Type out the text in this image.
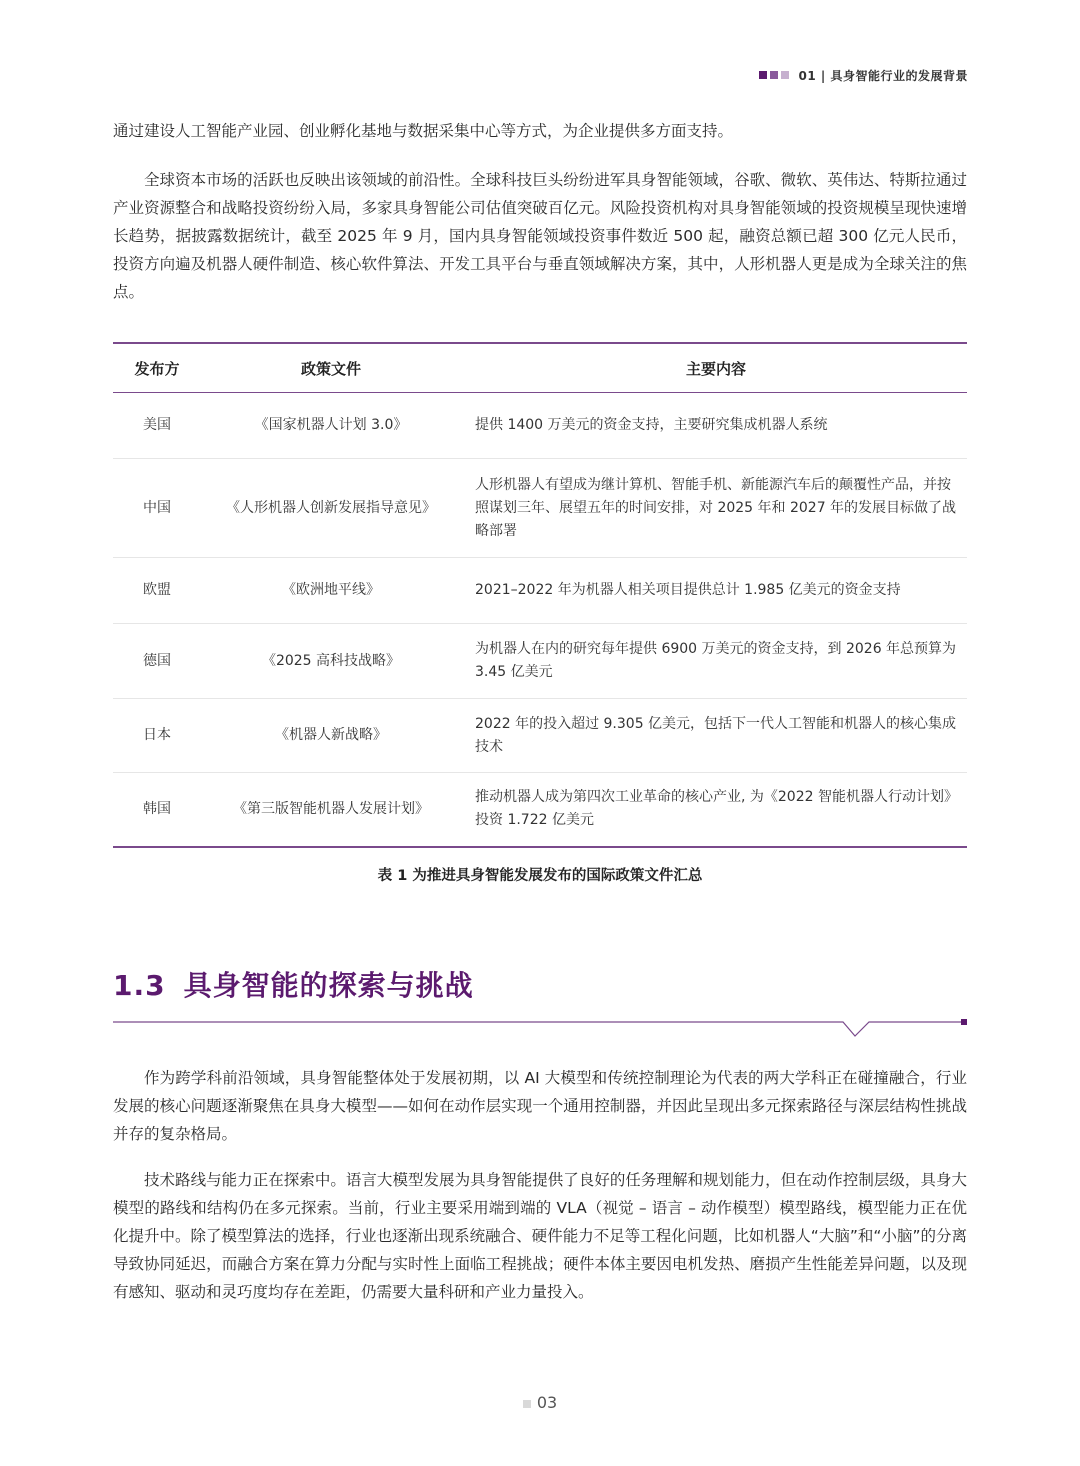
01 | 具身智能行业的发展背景

通过建设人工智能产业园、创业孵化基地与数据采集中心等方式，为企业提供多方面支持。

全球资本市场的活跃也反映出该领域的前沿性。全球科技巨头纷纷进军具身智能领域，谷歌、微软、英伟达、特斯拉通过产业资源整合和战略投资纷纷入局，多家具身智能公司估值突破百亿元。风险投资机构对具身智能领域的投资规模呈现快速增长趋势，据披露数据统计，截至 2025 年 9 月，国内具身智能领域投资事件数近 500 起，融资总额已超 300 亿元人民币，投资方向遍及机器人硬件制造、核心软件算法、开发工具平台与垂直领域解决方案，其中，人形机器人更是成为全球关注的焦点。

发布方	政策文件	主要内容
美国	《国家机器人计划 3.0》	提供 1400 万美元的资金支持，主要研究集成机器人系统
中国	《人形机器人创新发展指导意见》	人形机器人有望成为继计算机、智能手机、新能源汽车后的颠覆性产品，并按照谋划三年、展望五年的时间安排，对 2025 年和 2027 年的发展目标做了战略部署
欧盟	《欧洲地平线》	2021–2022 年为机器人相关项目提供总计 1.985 亿美元的资金支持
德国	《2025 高科技战略》	为机器人在内的研究每年提供 6900 万美元的资金支持，到 2026 年总预算为 3.45 亿美元
日本	《机器人新战略》	2022 年的投入超过 9.305 亿美元，包括下一代人工智能和机器人的核心集成技术
韩国	《第三版智能机器人发展计划》	推动机器人成为第四次工业革命的核心产业, 为《2022 智能机器人行动计划》投资 1.722 亿美元
表 1 为推进具身智能发展发布的国际政策文件汇总
1.3 具身智能的探索与挑战

作为跨学科前沿领域，具身智能整体处于发展初期，以 AI 大模型和传统控制理论为代表的两大学科正在碰撞融合，行业发展的核心问题逐渐聚焦在具身大模型——如何在动作层实现一个通用控制器，并因此呈现出多元探索路径与深层结构性挑战并存的复杂格局。

技术路线与能力正在探索中。语言大模型发展为具身智能提供了良好的任务理解和规划能力，但在动作控制层级，具身大模型的路线和结构仍在多元探索。当前，行业主要采用端到端的 VLA（视觉 – 语言 – 动作模型）模型路线，模型能力正在优化提升中。除了模型算法的选择，行业也逐渐出现系统融合、硬件能力不足等工程化问题，比如机器人“大脑”和“小脑”的分离导致协同延迟，而融合方案在算力分配与实时性上面临工程挑战；硬件本体主要因电机发热、磨损产生性能差异问题，以及现有感知、驱动和灵巧度均存在差距，仍需要大量科研和产业力量投入。

03
